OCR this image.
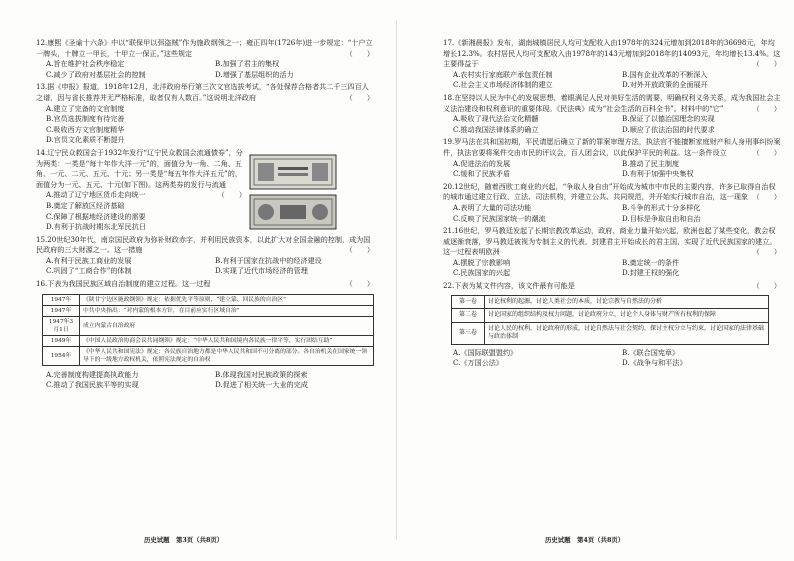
12.康熙《圣谕十六条》中以“联保甲以弭盗贼”作为施政纲领之一；雍正四年(1726年)进一步规定：“十户立一牌头，十牌立一甲长，十甲立一保正。”这些规定	（　　）

A.旨在维护社会秩序稳定	B.加强了君主的集权
C.减少了政府对基层社会的控制	D.增强了基层组织的活力

13.据《申报》报道，1918年12月，北洋政府举行第三次文官选拔考试，“各处保荐合格者共二千三四百人之谱，因与省长推荐并无严格标准，取者仅有人数百。”这说明北洋政府	（　　）

A.建立了完备的文官制度
B.官员选拔制度有待完善
C.吸收西方文官制度精华
D.官员文化素质不断提升

14.辽宁民众救国会于1932年发行“辽宁民众救国会流通债券”，分为两类：一类是“每十年作大洋一元”的，面值分为一角、二角、五角、一元、二元、五元、十元；另一类是“每五年作大洋五元”的，面值分为一元、五元、十元(如下图)。这两类券的发行与流通
（　　）

A.推动了辽宁地区货币走向统一
B.奠定了解放区经济基础
C.保障了根据地经济建设的需要
D.有利于抗战时期东北军民抗日

15.20世纪30年代，南京国民政府为弥补财政赤字，并利用民族资本，以此扩大对全国金融的控制，成为国民政府的三大财源之一。这一措施	（　　）

A.有利于民族工商业的发展	B.有利于国家在抗战中的经济建设
C.巩固了“工商合作”的体制	D.实现了近代市场经济的管理

16.下表为我国民族区域自治制度的建立过程。这一过程	（　　）

1947年	《陕甘宁边区施政纲领》规定：依据优先平等原则，“建立蒙、回民族的自治区”
1947年	中共中央指出：“对内蒙的根本方针，在目前应实行区域自治”
1947年3月1日	成立内蒙古自治政府
1949年	《中国人民政治协商会议共同纲领》规定：“中华人民共和国境内各民族一律平等，实行团结互助”
1954年	《中华人民共和国宪法》规定：各民族自治地方都是中华人民共和国不可分离的部分。各自治机关在国家统一领导下的一级地方政权机关，依照宪法规定的自治权
A.完善制度构建提高执政能力	B.体现我国对民族政策的探索
C.推动了我国民族平等的实现	D.促进了相关统一大业的完成

17.《新湘晨报》发布，湖南城镇居民人均可支配收入由1978年的324元增加到2018年的36698元，年均增长12.3%。农村居民人均可支配收入由1978年的143元增加到2018年的14093元，年均增长13.4%。这主要得益于	（　　）

A.农村实行家庭联产承包责任制	B.国有企业改革的不断深入
C.社会主义市场经济体制的建立	D.对外开放政策的全面展开

18.在坚持以人民为中心的发展思想，着眼满足人民对美好生活的需要，明确权利义务关系，成为我国社会主义法治建设和权利意识的重要体现。《民法典》成为“社会生活的百科全书”。材料中的“它”	（　　）

A.吸收了现代法治文化精髓	B.保证了以德治国理念的实现
C.推动我国法律体系的确立	D.顺应了依法治国的时代要求

19.罗马法在共和国初期，平民请愿后确立了新的罪案审理方法，执法官不能擅断家庭财产和人身刑事纠纷案件，执法官要将案件交由市民的评议会，百人团会议，以此保护平民的利益。这一条件设立	（　　）

A.促进法治的发展	B.推动了民主制度
C.缓和了民族矛盾	D.有利于加强中央集权

20.12世纪，随着西欧工商业的兴起，“争取人身自由”开始成为城市中市民的主要内容，许多已取得自治权的城市通过建立行政、立法、司法机构，并建立公共、共同规范，并开始实行城市自治，这一现象 （　　）

A.表明了大量的司法功能	B.斗争的形式十分多样化
C.反映了民族国家统一的潮流	D.目标是争取自由和自治

21.16世纪，罗马教廷发起了长期宗教改革运动，政府、商业力量开始兴起，欧洲也起了某些变化，教会权威逐渐衰落，罗马教廷被视为专制主义的代表，封建君主开始成长的君主国，实现了近代民族国家的建立。这一过程表明欧洲	（　　）

A.摆脱了宗教影响	B.奠定统一的条件
C.民族国家的兴起	D.封建王权的强化

22.下表为某文件内容，该文件最有可能是	（　　）

第一卷	讨论权利的起源，讨论人类社会的本质，讨论宗教与自然法的分析
第二卷	讨论国家的组织结构及权力问题，讨论政府分立，讨论个人身体与财产所有权利的保障
第三卷	讨论人民的权利，讨论政府的形成，讨论自然法与社会契约，探讨主权分立与约束，讨论国家的法律基础与政治体制
A.《国际联盟盟约》	B.《联合国宪章》
C.《万国公法》	D.《战争与和平法》
历史试题　第3页（共8页）	历史试题　第4页（共8页）
